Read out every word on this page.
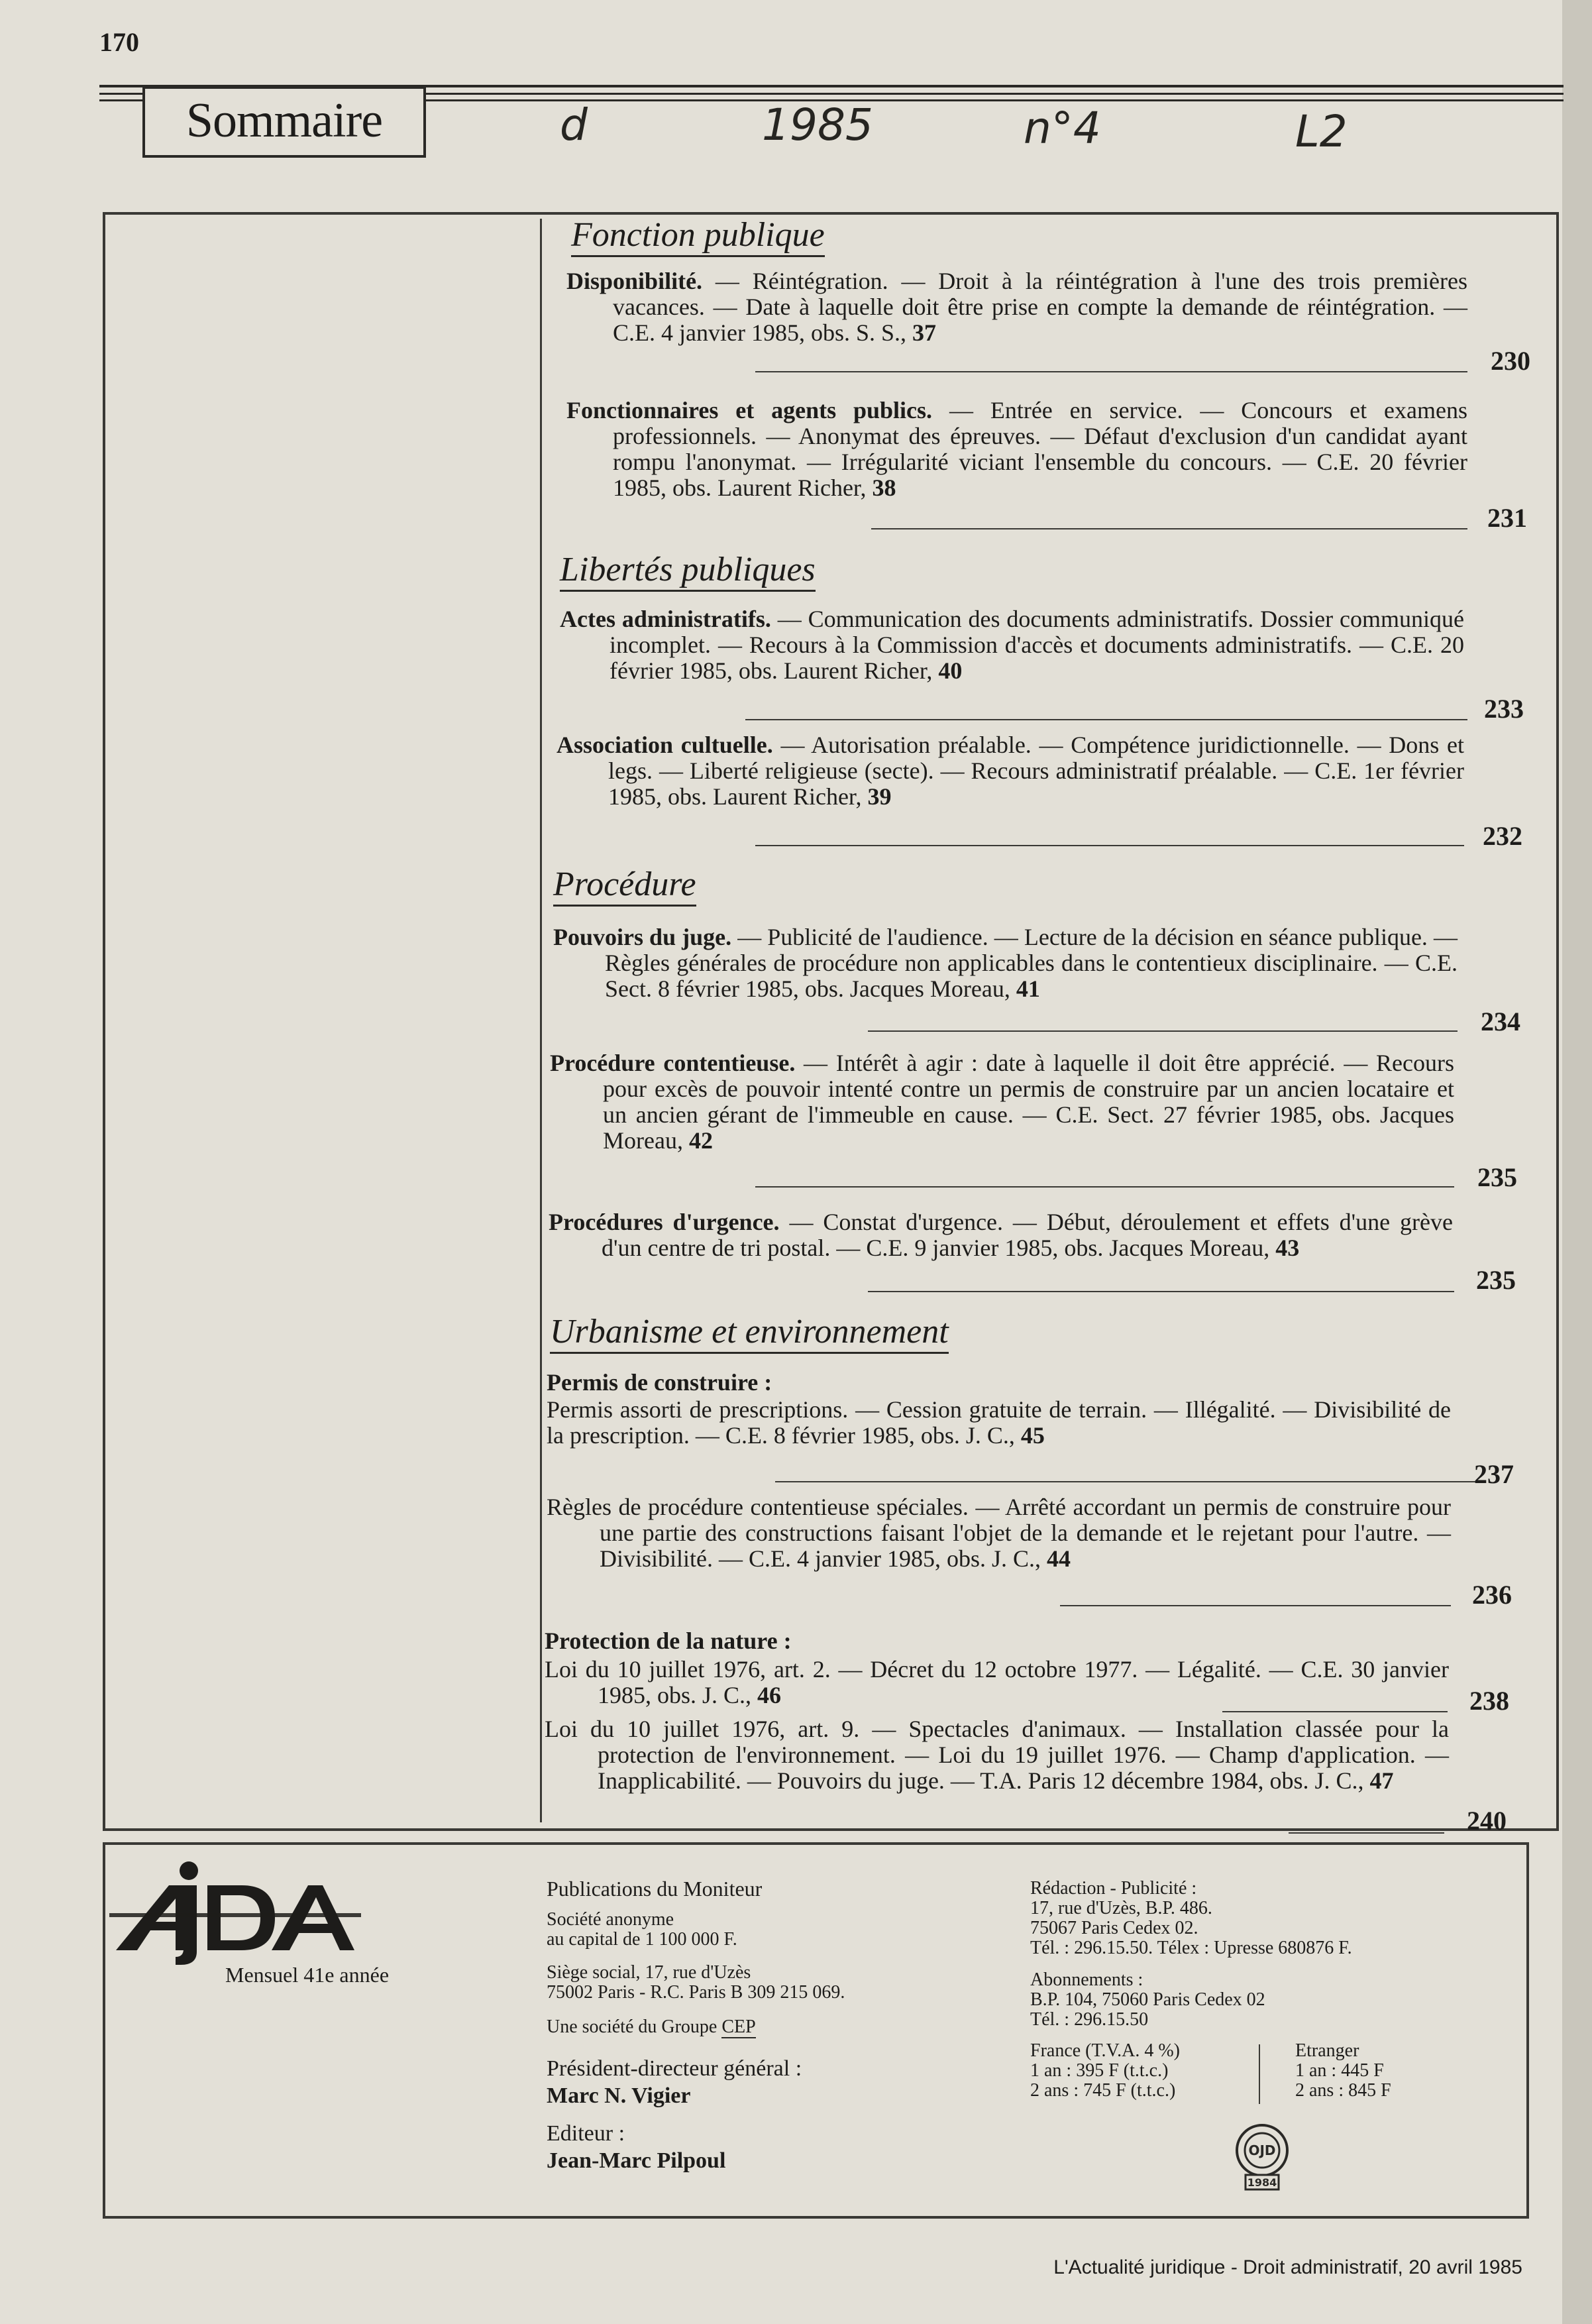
170
Sommaire	d	1985	n°4	L2
Fonction publique
Disponibilité. — Réintégration. — Droit à la réintégration à l'une des trois premières vacances. — Date à laquelle doit être prise en compte la demande de réintégration. — C.E. 4 janvier 1985, obs. S. S., 37
230
Fonctionnaires et agents publics. — Entrée en service. — Concours et examens professionnels. — Anonymat des épreuves. — Défaut d'exclusion d'un candidat ayant rompu l'anonymat. — Irrégularité viciant l'ensemble du concours. — C.E. 20 février 1985, obs. Laurent Richer, 38
231
Libertés publiques
Actes administratifs. — Communication des documents administratifs. Dossier communiqué incomplet. — Recours à la Commission d'accès et documents administratifs. — C.E. 20 février 1985, obs. Laurent Richer, 40
233
Association cultuelle. — Autorisation préalable. — Compétence juridictionnelle. — Dons et legs. — Liberté religieuse (secte). — Recours administratif préalable. — C.E. 1er février 1985, obs. Laurent Richer, 39
232
Procédure
Pouvoirs du juge. — Publicité de l'audience. — Lecture de la décision en séance publique. — Règles générales de procédure non applicables dans le contentieux disciplinaire. — C.E. Sect. 8 février 1985, obs. Jacques Moreau, 41
234
Procédure contentieuse. — Intérêt à agir : date à laquelle il doit être apprécié. — Recours pour excès de pouvoir intenté contre un permis de construire par un ancien locataire et un ancien gérant de l'immeuble en cause. — C.E. Sect. 27 février 1985, obs. Jacques Moreau, 42
235
Procédures d'urgence. — Constat d'urgence. — Début, déroulement et effets d'une grève d'un centre de tri postal. — C.E. 9 janvier 1985, obs. Jacques Moreau, 43
235
Urbanisme et environnement
Permis de construire :
Permis assorti de prescriptions. — Cession gratuite de terrain. — Illégalité. — Divisibilité de la prescription. — C.E. 8 février 1985, obs. J. C., 45
237
Règles de procédure contentieuse spéciales. — Arrêté accordant un permis de construire pour une partie des constructions faisant l'objet de la demande et le rejetant pour l'autre. — Divisibilité. — C.E. 4 janvier 1985, obs. J. C., 44
236
Protection de la nature :
Loi du 10 juillet 1976, art. 2. — Décret du 12 octobre 1977. — Légalité. — C.E. 30 janvier 1985, obs. J. C., 46	238
Loi du 10 juillet 1976, art. 9. — Spectacles d'animaux. — Installation classée pour la protection de l'environnement. — Loi du 19 juillet 1976. — Champ d'application. — Inapplicabilité. — Pouvoirs du juge. — T.A. Paris 12 décembre 1984, obs. J. C., 47
240
AJDA
Mensuel 41e année
Publications du Moniteur
Société anonyme
au capital de 1 100 000 F.
Siège social, 17, rue d'Uzès
75002 Paris - R.C. Paris B 309 215 069.
Une société du Groupe CEP
Président-directeur général :
Marc N. Vigier
Editeur :
Jean-Marc Pilpoul
Rédaction - Publicité :
17, rue d'Uzès, B.P. 486.
75067 Paris Cedex 02.
Tél. : 296.15.50. Télex : Upresse 680876 F.
Abonnements :
B.P. 104, 75060 Paris Cedex 02
Tél. : 296.15.50
France (T.V.A. 4 %)
1 an : 395 F (t.t.c.)
2 ans : 745 F (t.t.c.)
Etranger
1 an : 445 F
2 ans : 845 F
OJD
1984
L'Actualité juridique - Droit administratif, 20 avril 1985
